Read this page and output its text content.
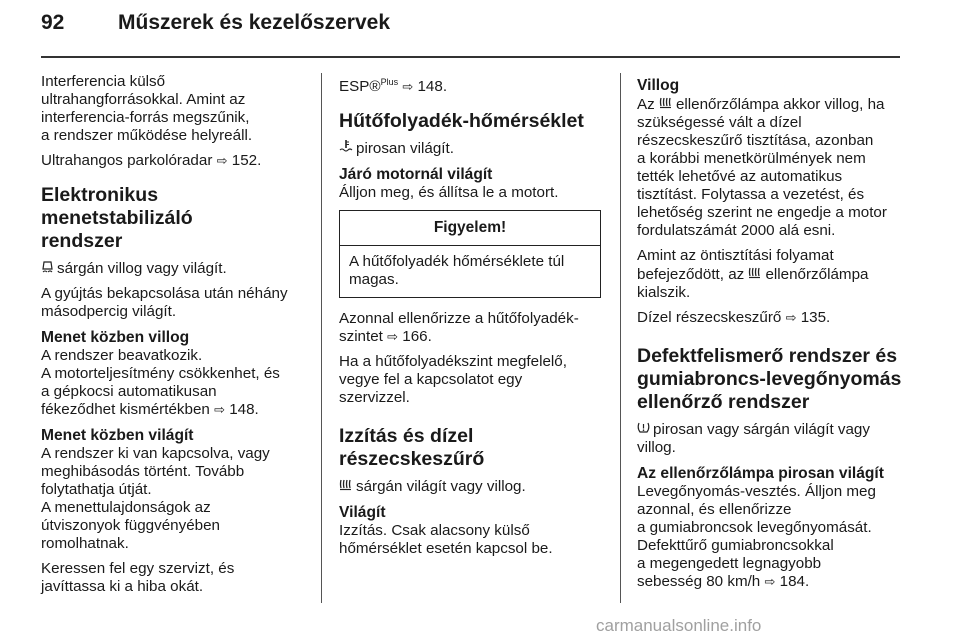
92	Műszerek és kezelőszervek

Interferencia külső
ultrahangforrásokkal. Amint az
interferencia-forrás megszűnik,
a rendszer működése helyreáll.

Ultrahangos parkolóradar ⇨ 152.

Elektronikus menetstabilizáló
rendszer

sárgán villog vagy világít.

A gyújtás bekapcsolása után néhány
másodpercig világít.

Menet közben villog

A rendszer beavatkozik.
A motorteljesítmény csökkenhet, és
a gépkocsi automatikusan
fékeződhet kismértékben ⇨ 148.

Menet közben világít

A rendszer ki van kapcsolva, vagy
meghibásodás történt. Tovább
folytathatja útját.
A menettulajdonságok az
útviszonyok függvényében
romolhatnak.

Keressen fel egy szervizt, és
javíttassa ki a hiba okát.

ESP®$^{Plus}$ ⇨ 148.

Hűtőfolyadék-hőmérséklet

pirosan világít.

Járó motornál világít

Álljon meg, és állítsa le a motort.

Figyelem!
A hűtőfolyadék hőmérséklete túl
magas.

Azonnal ellenőrizze a hűtőfolyadék-
szintet ⇨ 166.

Ha a hűtőfolyadékszint megfelelő,
vegye fel a kapcsolatot egy
szervizzel.

Izzítás és dízel
részecskeszűrő

sárgán világít vagy villog.

Világít

Izzítás. Csak alacsony külső
hőmérséklet esetén kapcsol be.

Villog

Az ellenőrzőlámpa akkor villog, ha
szükségessé vált a dízel
részecskeszűrő tisztítása, azonban
a korábbi menetkörülmények nem
tették lehetővé az automatikus
tisztítást. Folytassa a vezetést, és
lehetőség szerint ne engedje a motor
fordulatszámát 2000 alá esni.

Amint az öntisztítási folyamat
befejeződött, az ellenőrzőlámpa
kialszik.

Dízel részecskeszűrő ⇨ 135.

Defektfelismerő rendszer és
gumiabroncs-levegőnyomás
ellenőrző rendszer

pirosan vagy sárgán világít vagy
villog.

Az ellenőrzőlámpa pirosan világít

Levegőnyomás-vesztés. Álljon meg
azonnal, és ellenőrizze
a gumiabroncsok levegőnyomását.
Defekttűrő gumiabroncsokkal
a megengedett legnagyobb
sebesség 80 km/h ⇨ 184.

carmanualsonline.info
